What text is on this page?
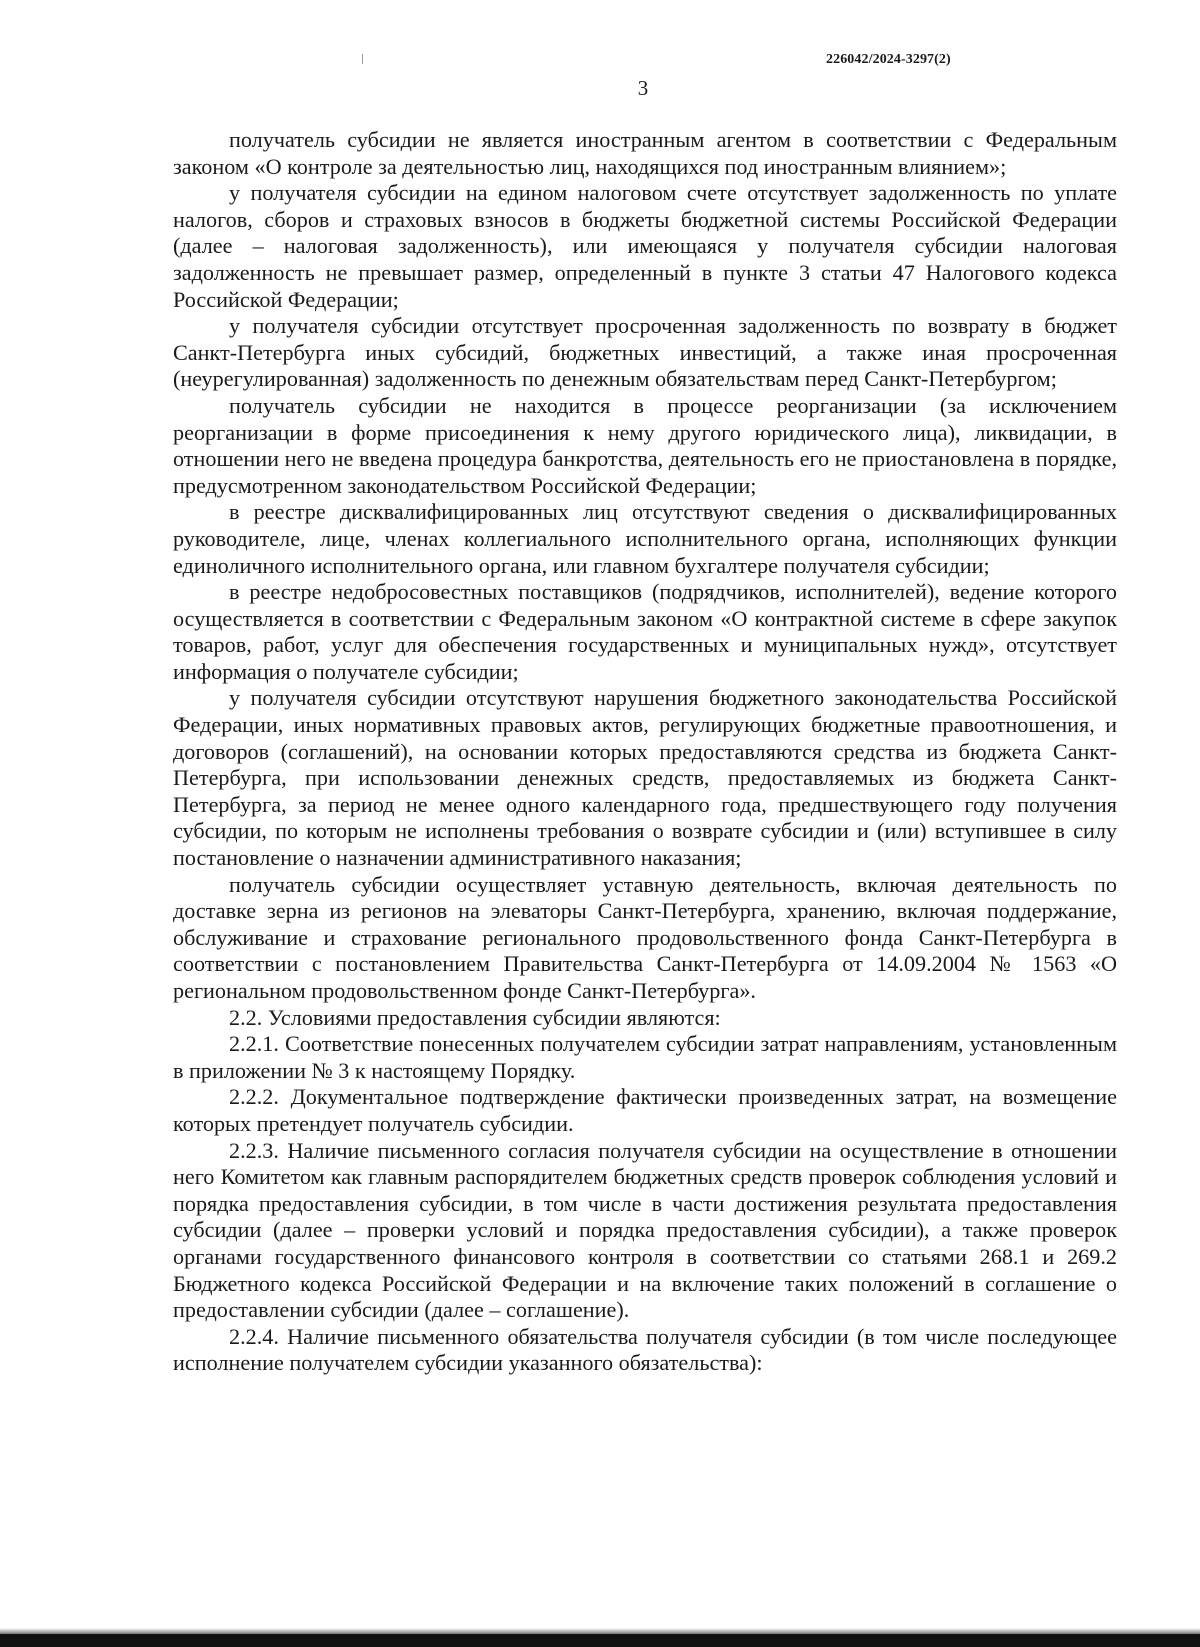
226042/2024-3297(2)
3

получатель субсидии не является иностранным агентом в соответствии с Федеральным законом «О контроле за деятельностью лиц, находящихся под иностранным влиянием»;

у получателя субсидии на едином налоговом счете отсутствует задолженность по уплате налогов, сборов и страховых взносов в бюджеты бюджетной системы Российской Федерации (далее – налоговая задолженность), или имеющаяся у получателя субсидии налоговая задолженность не превышает размер, определенный в пункте 3 статьи 47 Налогового кодекса Российской Федерации;

у получателя субсидии отсутствует просроченная задолженность по возврату в бюджет Санкт-Петербурга иных субсидий, бюджетных инвестиций, а также иная просроченная (неурегулированная) задолженность по денежным обязательствам перед Санкт-Петербургом;

получатель субсидии не находится в процессе реорганизации (за исключением реорганизации в форме присоединения к нему другого юридического лица), ликвидации, в отношении него не введена процедура банкротства, деятельность его не приостановлена в порядке, предусмотренном законодательством Российской Федерации;

в реестре дисквалифицированных лиц отсутствуют сведения о дисквалифицированных руководителе, лице, членах коллегиального исполнительного органа, исполняющих функции единоличного исполнительного органа, или главном бухгалтере получателя субсидии;

в реестре недобросовестных поставщиков (подрядчиков, исполнителей), ведение которого осуществляется в соответствии с Федеральным законом «О контрактной системе в сфере закупок товаров, работ, услуг для обеспечения государственных и муниципальных нужд», отсутствует информация о получателе субсидии;

у получателя субсидии отсутствуют нарушения бюджетного законодательства Российской Федерации, иных нормативных правовых актов, регулирующих бюджетные правоотношения, и договоров (соглашений), на основании которых предоставляются средства из бюджета Санкт-Петербурга, при использовании денежных средств, предоставляемых из бюджета Санкт-Петербурга, за период не менее одного календарного года, предшествующего году получения субсидии, по которым не исполнены требования о возврате субсидии и (или) вступившее в силу постановление о назначении административного наказания;

получатель субсидии осуществляет уставную деятельность, включая деятельность по доставке зерна из регионов на элеваторы Санкт-Петербурга, хранению, включая поддержание, обслуживание и страхование регионального продовольственного фонда Санкт-Петербурга в соответствии с постановлением Правительства Санкт-Петербурга от 14.09.2004 № 1563 «О региональном продовольственном фонде Санкт-Петербурга».

2.2. Условиями предоставления субсидии являются:

2.2.1. Соответствие понесенных получателем субсидии затрат направлениям, установленным в приложении № 3 к настоящему Порядку.

2.2.2. Документальное подтверждение фактически произведенных затрат, на возмещение которых претендует получатель субсидии.

2.2.3. Наличие письменного согласия получателя субсидии на осуществление в отношении него Комитетом как главным распорядителем бюджетных средств проверок соблюдения условий и порядка предоставления субсидии, в том числе в части достижения результата предоставления субсидии (далее – проверки условий и порядка предоставления субсидии), а также проверок органами государственного финансового контроля в соответствии со статьями 268.1 и 269.2 Бюджетного кодекса Российской Федерации и на включение таких положений в соглашение о предоставлении субсидии (далее – соглашение).

2.2.4. Наличие письменного обязательства получателя субсидии (в том числе последующее исполнение получателем субсидии указанного обязательства):
